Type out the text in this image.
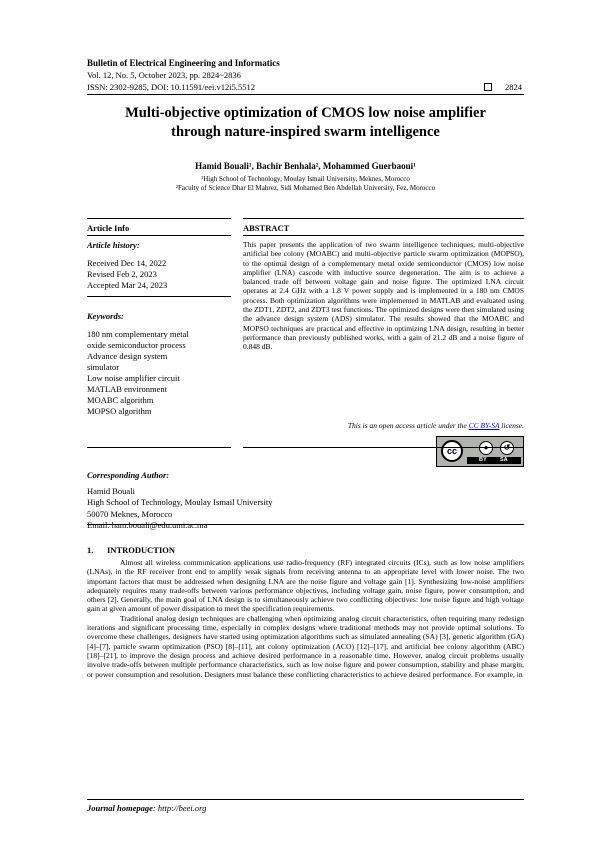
Bulletin of Electrical Engineering and Informatics
Vol. 12, No. 5, October 2023, pp. 2824~2836
ISSN: 2302-9285, DOI: 10.11591/eei.v12i5.5512	2824
Multi-objective optimization of CMOS low noise amplifier
through nature-inspired swarm intelligence
Hamid Bouali¹, Bachir Benhala², Mohammed Guerbaoui¹
¹High School of Technology, Moulay Ismail University, Meknes, Morocco
²Faculty of Science Dhar El Mahrez, Sidi Mohamed Ben Abdellah University, Fez, Morocco
Article Info	ABSTRACT
Article history:
Received Dec 14, 2022
Revised Feb 2, 2023
Accepted Mar 24, 2023
Keywords:
180 nm complementary metal
oxide semiconductor process
Advance design system
simulator
Low noise amplifier circuit
MATLAB environment
MOABC algorithm
MOPSO algorithm
This paper presents the application of two swarm intelligence techniques, multi-objective artificial bee colony (MOABC) and multi-objective particle swarm optimization (MOPSO), to the optimal design of a complementary metal oxide semiconductor (CMOS) low noise amplifier (LNA) cascode with inductive source degeneration. The aim is to achieve a balanced trade off between voltage gain and noise figure. The optimized LNA circuit operates at 2.4 GHz with a 1.8 V power supply and is implemented in a 180 nm CMOS process. Both optimization algorithms were implemented in MATLAB and evaluated using the ZDT1, ZDT2, and ZDT3 test functions. The optimized designs were then simulated using the advance design system (ADS) simulator. The results showed that the MOABC and MOPSO techniques are practical and effective in optimizing LNA design, resulting in better performance than previously published works, with a gain of 21.2 dB and a noise figure of 0.848 dB.
This is an open access article under the CC BY-SA license.
cc	●	↺
BY SA
Corresponding Author:
Hamid Bouali
High School of Technology, Moulay Ismail University
50070 Meknes, Morocco
Email: ham.bouali@edu.umi.ac.ma
1. INTRODUCTION

Almost all wireless communication applications use radio-frequency (RF) integrated circuits (ICs), such as low noise amplifiers (LNAs), in the RF receiver front end to amplify weak signals from receiving antenna to an appropriate level with lower noise. The two important factors that must be addressed when designing LNA are the noise figure and voltage gain [1]. Synthesizing low-noise amplifiers adequately requires many trade-offs between various performance objectives, including voltage gain, noise figure, power consumption, and others [2]. Generally, the main goal of LNA design is to simultaneously achieve two conflicting objectives: low noise figure and high voltage gain at given amount of power dissipation to meet the specification requirements.

Traditional analog design techniques are challenging when optimizing analog circuit characteristics, often requiring many redesign iterations and significant processing time, especially in complex designs where traditional methods may not provide optimal solutions. To overcome these challenges, designers have started using optimization algorithms such as simulated annealing (SA) [3], genetic algorithm (GA) [4]–[7], particle swarm optimization (PSO) [8]–[11], ant colony optimization (ACO) [12]–[17], and artificial bee colony algorithm (ABC) [18]–[21], to improve the design process and achieve desired performance in a reasonable time. However, analog circuit problems usually involve trade-offs between multiple performance characteristics, such as low noise figure and power consumption, stability and phase margin, or power consumption and resolution. Designers must balance these conflicting characteristics to achieve desired performance. For example, in

Journal homepage: http://beei.org
